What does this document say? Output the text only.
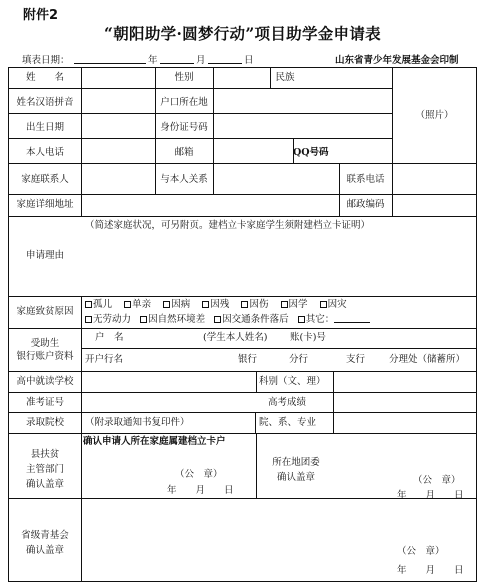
附件2
“朝阳助学·圆梦行动”项目助学金申请表
填表日期：	年	月	日	山东省青少年发展基金会印制
姓　　名	性别	民族
（照片）
姓名汉语拼音	户口所在地
出生日期	身份证号码
本人电话	邮箱	QQ号码
家庭联系人	与本人关系	联系电话
家庭详细地址	邮政编码
申请理由
（简述家庭状况，可另附页。建档立卡家庭学生须附建档立卡证明）
家庭致贫原因
孤儿 单亲 因病 因残 因伤 因学 因灾
无劳动力 因自然环境差 因交通条件落后 其它：
受助生
银行账户资料
户　名	(学生本人姓名) 账(卡)号
开户行名	银行	分行	支行	分理处（储蓄所）
高中就读学校	科别（文、理）
准考证号	高考成绩
录取院校	（附录取通知书复印件）	院、系、专业
县扶贫
主管部门
确认盖章
确认申请人所在家庭属建档立卡户
（公　章）
年　　月　　日
所在地团委
确认盖章	（公　章）
年　　月　　日
省级青基会
确认盖章	（公　章）
年　　月　　日
